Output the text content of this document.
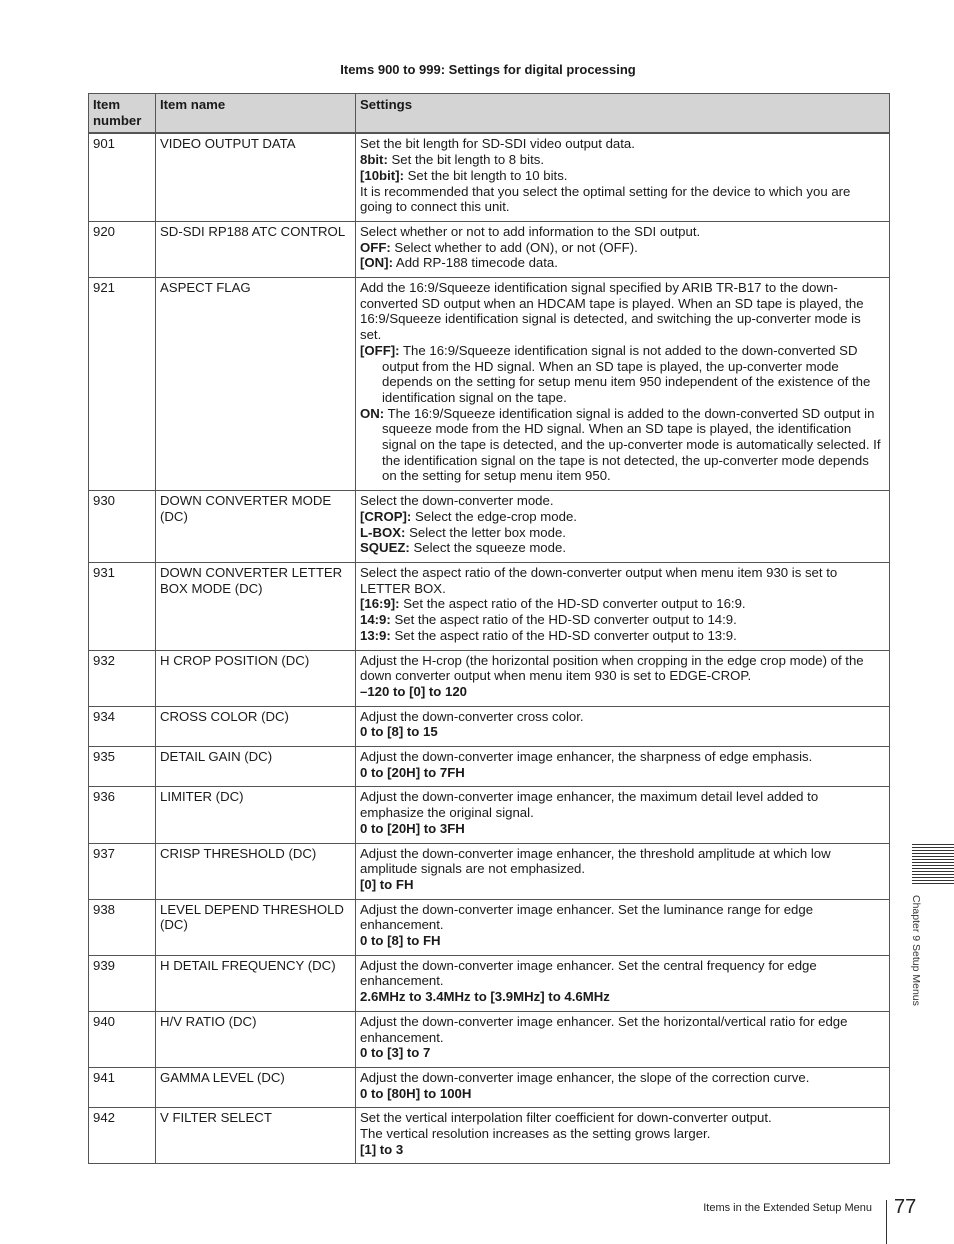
Items 900 to 999: Settings for digital processing
Item number	Item name	Settings
901	VIDEO OUTPUT DATA	Set the bit length for SD-SDI video output data.
8bit: Set the bit length to 8 bits.
[10bit]: Set the bit length to 10 bits.
It is recommended that you select the optimal setting for the device to which you are going to connect this unit.

920	SD-SDI RP188 ATC CONTROL	Select whether or not to add information to the SDI output.
OFF: Select whether to add (ON), or not (OFF).
[ON]: Add RP-188 timecode data.

921	ASPECT FLAG	Add the 16:9/Squeeze identification signal specified by ARIB TR-B17 to the down-converted SD output when an HDCAM tape is played. When an SD tape is played, the 16:9/Squeeze identification signal is detected, and switching the up-converter mode is set.
[OFF]: The 16:9/Squeeze identification signal is not added to the down-converted SD output from the HD signal. When an SD tape is played, the up-converter mode depends on the setting for setup menu item 950 independent of the existence of the identification signal on the tape.
ON: The 16:9/Squeeze identification signal is added to the down-converted SD output in squeeze mode from the HD signal. When an SD tape is played, the identification signal on the tape is detected, and the up-converter mode is automatically selected. If the identification signal on the tape is not detected, the up-converter mode depends on the setting for setup menu item 950.

930	DOWN CONVERTER MODE (DC)	Select the down-converter mode.
[CROP]: Select the edge-crop mode.
L-BOX: Select the letter box mode.
SQUEZ: Select the squeeze mode.

931	DOWN CONVERTER LETTER BOX MODE (DC)	Select the aspect ratio of the down-converter output when menu item 930 is set to LETTER BOX.
[16:9]: Set the aspect ratio of the HD-SD converter output to 16:9.
14:9: Set the aspect ratio of the HD-SD converter output to 14:9.
13:9: Set the aspect ratio of the HD-SD converter output to 13:9.

932	H CROP POSITION (DC)	Adjust the H-crop (the horizontal position when cropping in the edge crop mode) of the down converter output when menu item 930 is set to EDGE-CROP.
–120 to [0] to 120

934	CROSS COLOR (DC)	Adjust the down-converter cross color.
0 to [8] to 15

935	DETAIL GAIN (DC)	Adjust the down-converter image enhancer, the sharpness of edge emphasis.
0 to [20H] to 7FH

936	LIMITER (DC)	Adjust the down-converter image enhancer, the maximum detail level added to emphasize the original signal.
0 to [20H] to 3FH

937	CRISP THRESHOLD (DC)	Adjust the down-converter image enhancer, the threshold amplitude at which low amplitude signals are not emphasized.
[0] to FH

938	LEVEL DEPEND THRESHOLD (DC)	Adjust the down-converter image enhancer. Set the luminance range for edge enhancement.
0 to [8] to FH

939	H DETAIL FREQUENCY (DC)	Adjust the down-converter image enhancer. Set the central frequency for edge enhancement.
2.6MHz to 3.4MHz to [3.9MHz] to 4.6MHz

940	H/V RATIO (DC)	Adjust the down-converter image enhancer. Set the horizontal/vertical ratio for edge enhancement.
0 to [3] to 7

941	GAMMA LEVEL (DC)	Adjust the down-converter image enhancer, the slope of the correction curve.
0 to [80H] to 100H

942	V FILTER SELECT	Set the vertical interpolation filter coefficient for down-converter output.
The vertical resolution increases as the setting grows larger.
[1] to 3
Chapter 9 Setup Menus
Items in the Extended Setup Menu 77
